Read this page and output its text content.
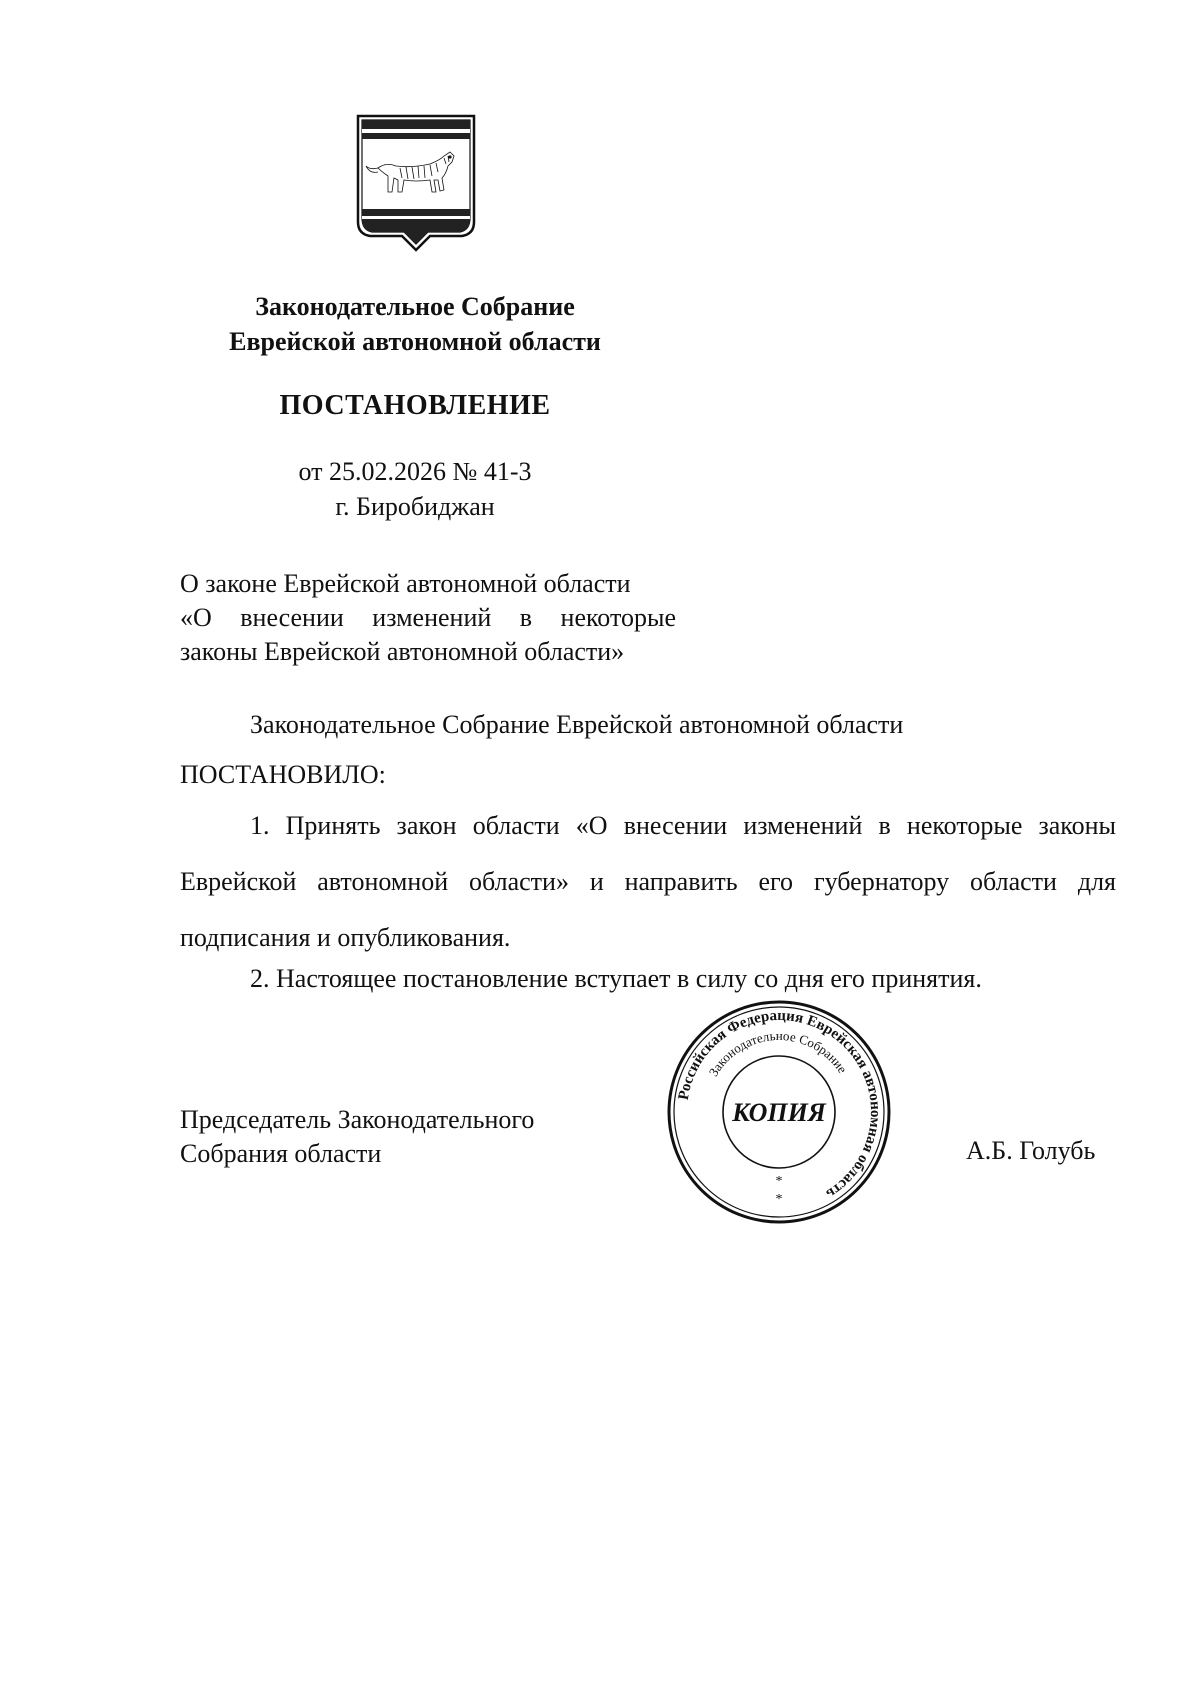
Законодательное Собрание
Еврейской автономной области
ПОСТАНОВЛЕНИЕ
от 25.02.2026 № 41-3
г. Биробиджан
О законе Еврейской автономной области
«О внесении изменений в некоторые
законы Еврейской автономной области»
Законодательное Собрание Еврейской автономной области
ПОСТАНОВИЛО:
1. Принять закон области «О внесении изменений в некоторые законы Еврейской автономной области» и направить его губернатору области для подписания и опубликования.
2. Настоящее постановление вступает в силу со дня его принятия.
Председатель Законодательного
Собрания области	А.Б. Голубь
Российская Федерация Еврейская автономная область
Законодательное Собрание
КОПИЯ
*
*
